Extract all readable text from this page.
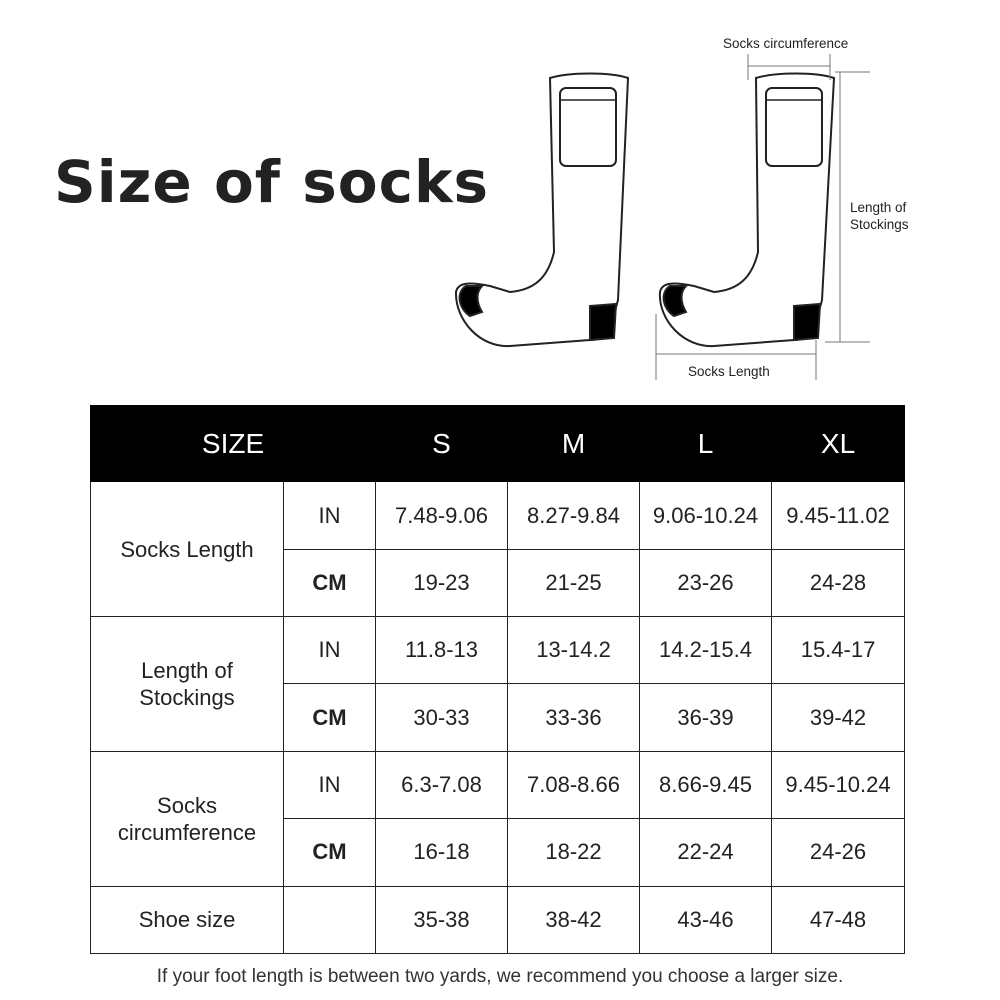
Size of socks
Socks circumference
Length of
Stockings
Socks Length
SIZE		S	M	L	XL
Socks Length	IN	7.48-9.06	8.27-9.84	9.06-10.24	9.45-11.02
	CM	19-23	21-25	23-26	24-28
Length of
Stockings	IN	11.8-13	13-14.2	14.2-15.4	15.4-17
	CM	30-33	33-36	36-39	39-42
Socks
circumference	IN	6.3-7.08	7.08-8.66	8.66-9.45	9.45-10.24
	CM	16-18	18-22	22-24	24-26
Shoe size		35-38	38-42	43-46	47-48
If your foot length is between two yards, we recommend you choose a larger size.
